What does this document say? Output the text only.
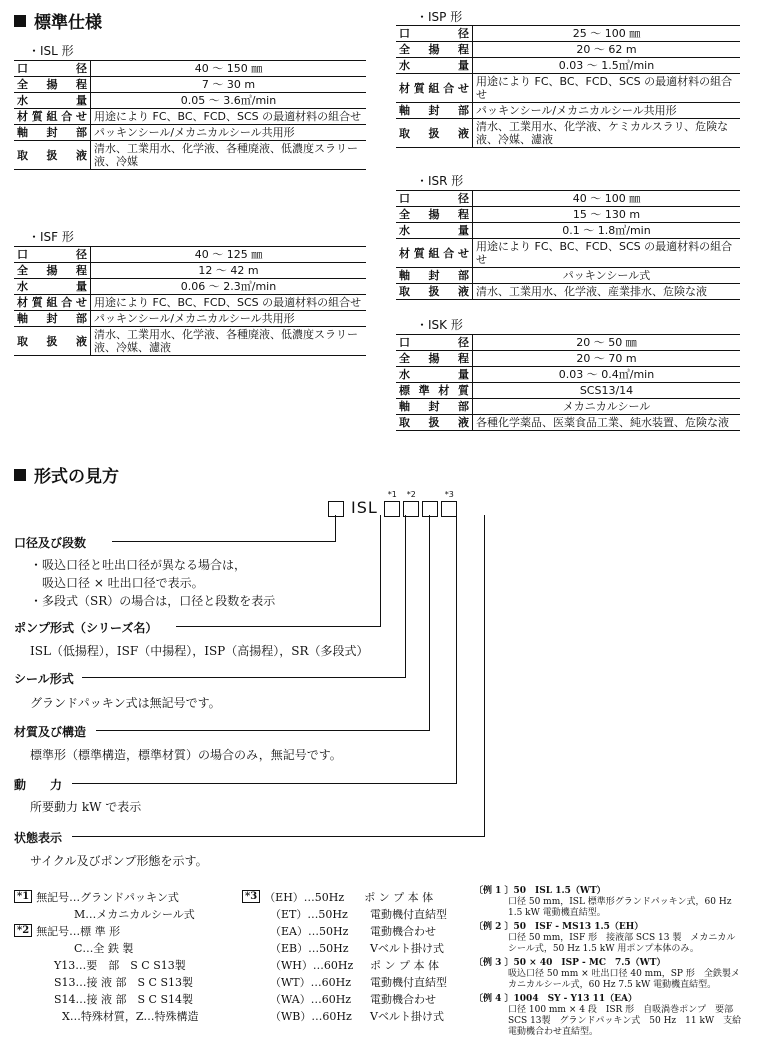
標準仕様
・ISL 形
口　　径	40 ～ 150 ㎜
全 揚 程	7 ～ 30 m
水　　量	0.05 ～ 3.6㎥/min
材質組合せ	用途により FC、BC、FCD、SCS の最適材料の組合せ
軸 封 部	パッキンシール/メカニカルシール共用形
取 扱 液	清水、工業用水、化学液、各種廃液、低濃度スラリー液、冷媒
・ISF 形
口　　径	40 ～ 125 ㎜
全 揚 程	12 ～ 42 m
水　　量	0.06 ～ 2.3㎥/min
材質組合せ	用途により FC、BC、FCD、SCS の最適材料の組合せ
軸 封 部	パッキンシール/メカニカルシール共用形
取 扱 液	清水、工業用水、化学液、各種廃液、低濃度スラリー液、冷媒、濾液
・ISP 形
口　　径	25 ～ 100 ㎜
全 揚 程	20 ～ 62 m
水　　量	0.03 ～ 1.5㎥/min
材質組合せ	用途により FC、BC、FCD、SCS の最適材料の組合せ
軸 封 部	パッキンシール/メカニカルシール共用形
取 扱 液	清水、工業用水、化学液、ケミカルスラリ、危険な液、冷媒、濾液
・ISR 形
口　　径	40 ～ 100 ㎜
全 揚 程	15 ～ 130 m
水　　量	0.1 ～ 1.8㎥/min
材質組合せ	用途により FC、BC、FCD、SCS の最適材料の組合せ
軸 封 部	パッキンシール式
取 扱 液	清水、工業用水、化学液、産業排水、危険な液
・ISK 形
口　　径	20 ～ 50 ㎜
全 揚 程	20 ～ 70 m
水　　量	0.03 ～ 0.4㎥/min
標準材質	SCS13/14
軸 封 部	メカニカルシール
取 扱 液	各種化学薬品、医薬食品工業、純水装置、危険な液
形式の見方
ISL
*1 *2	*3
口径及び段数
・吸込口径と吐出口径が異なる場合は，
　吸込口径 × 吐出口径で表示。
・多段式（SR）の場合は，口径と段数を表示
ポンプ形式（シリーズ名）
ISL（低揚程），ISF（中揚程），ISP（高揚程），SR（多段式）
シール形式
グランドパッキン式は無記号です。
材質及び構造
標準形（標準構造，標準材質）の場合のみ，無記号です。
動　　力
所要動力 kW で表示
状態表示
サイクル及びポンプ形態を示す。
*1 無記号…グランドパッキン式
M…メカニカルシール式
*2 無記号…標 準 形
C…全 鉄 製
Y13…要　部　S C S13製
S13…接 液 部　S C S13製
S14…接 液 部　S C S14製
X…特殊材質，Z…特殊構造
*3 （EH）…50Hz	ポ ン プ 本 体
（ET）…50Hz	電動機付直結型
（EA）…50Hz	電動機合わせ
（EB）…50Hz	Vベルト掛け式
（WH）…60Hz	ポ ン プ 本 体
（WT）…60Hz	電動機付直結型
（WA）…60Hz	電動機合わせ
（WB）…60Hz	Vベルト掛け式
〔例 1 〕50　ISL 1.5（WT）
口径 50 mm，ISL 標準形グランドパッキン式，60 Hz 1.5 kW 電動機直結型。
〔例 2 〕50　ISF - MS13 1.5（EH）
口径 50 mm，ISF 形　接液部 SCS 13 製　メカニカルシール式，50 Hz 1.5 kW 用ポンプ本体のみ。
〔例 3 〕50 × 40　ISP - MC　7.5（WT）
吸込口径 50 mm × 吐出口径 40 mm，SP 形　全鉄製メカニカルシール式，60 Hz 7.5 kW 電動機直結型。
〔例 4 〕1004　SY - Y13 11（EA）
口径 100 mm × 4 段　ISR 形　自吸渦巻ポンプ　要部 SCS 13製　グランドパッキン式　50 Hz　11 kW　支給電動機合わせ直結型。
